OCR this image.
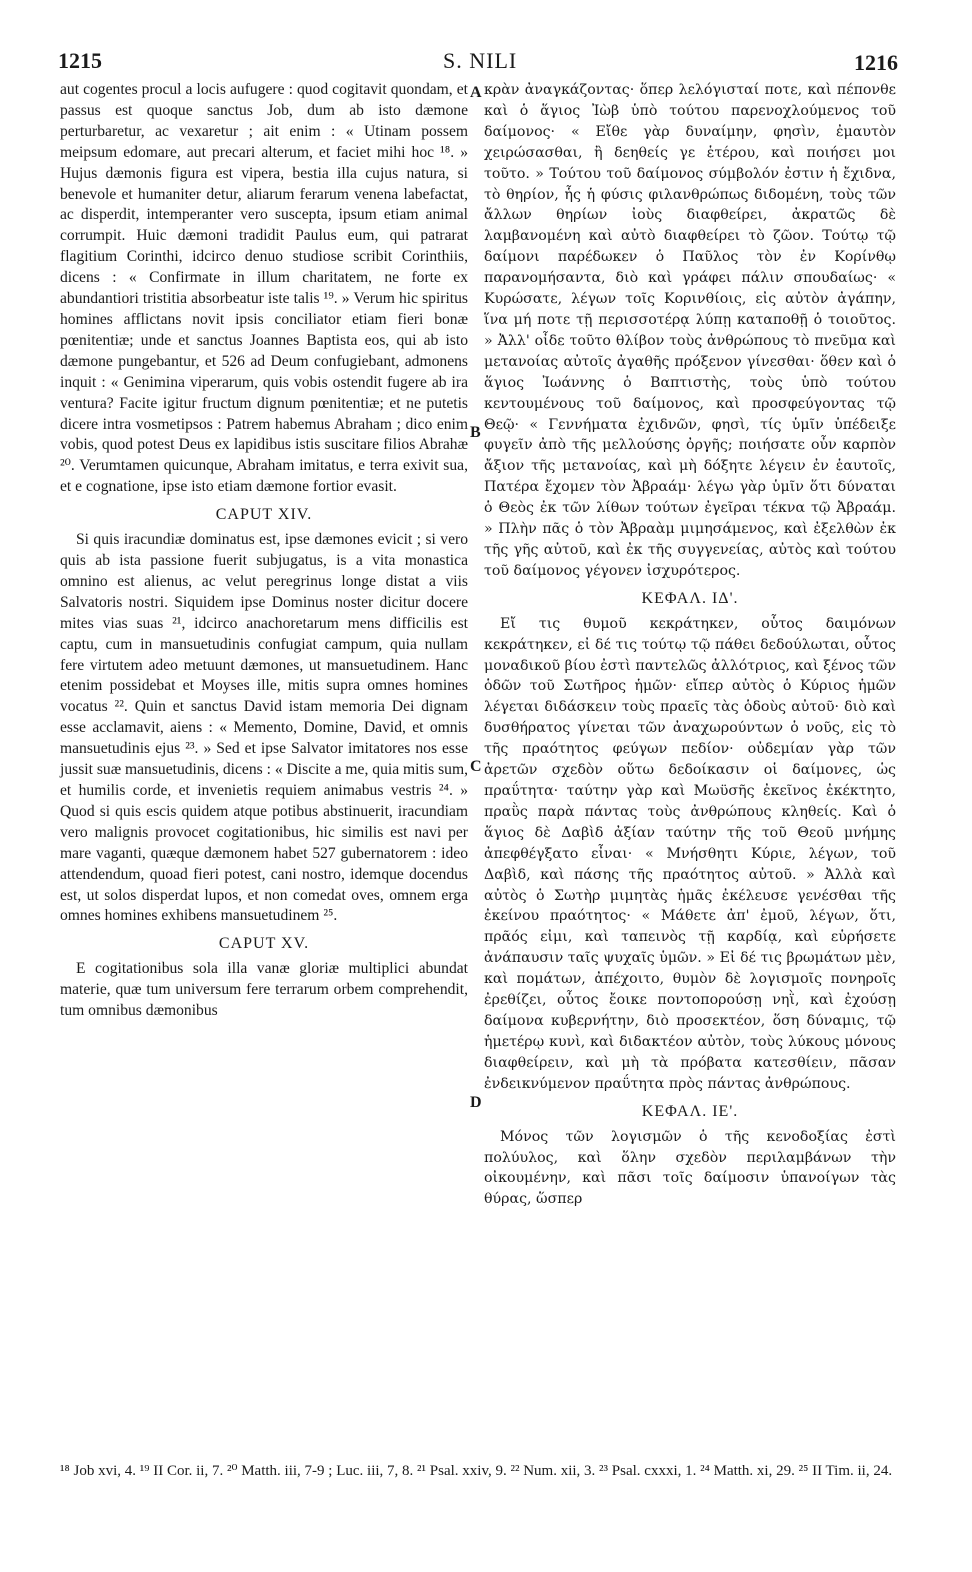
1215	S. NILI	1216

aut cogentes procul a locis aufugere : quod cogitavit quondam, et passus est quoque sanctus Job, dum ab isto dæmone perturbaretur, ac vexaretur ; ait enim : « Utinam possem meipsum edomare, aut precari alterum, et faciet mihi hoc ¹⁸. » Hujus dæmonis figura est vipera, bestia illa cujus natura, si benevole et humaniter detur, aliarum ferarum venena labefactat, ac disperdit, intemperanter vero suscepta, ipsum etiam animal corrumpit. Huic dæmoni tradidit Paulus eum, qui patrarat flagitium Corinthi, idcirco denuo studiose scribit Corinthiis, dicens : « Confirmate in illum charitatem, ne forte ex abundantiori tristitia absorbeatur iste talis ¹⁹. » Verum hic spiritus homines afflictans novit ipsis conciliator etiam fieri bonæ pœnitentiæ; unde et sanctus Joannes Baptista eos, qui ab isto dæmone pungebantur, et 526 ad Deum confugiebant, admonens inquit : « Genimina viperarum, quis vobis ostendit fugere ab ira ventura? Facite igitur fructum dignum pœnitentiæ; et ne putetis dicere intra vosmetipsos : Patrem habemus Abraham ; dico enim vobis, quod potest Deus ex lapidibus istis suscitare filios Abrahæ ²⁰. Verumtamen quicunque, Abraham imitatus, e terra exivit sua, et e cognatione, ipse isto etiam dæmone fortior evasit.

CAPUT XIV.

Si quis iracundiæ dominatus est, ipse dæmones evicit ; si vero quis ab ista passione fuerit subjugatus, is a vita monastica omnino est alienus, ac velut peregrinus longe distat a viis Salvatoris nostri. Siquidem ipse Dominus noster dicitur docere mites vias suas ²¹, idcirco anachoretarum mens difficilis est captu, cum in mansuetudinis confugiat campum, quia nullam fere virtutem adeo metuunt dæmones, ut mansuetudinem. Hanc etenim possidebat et Moyses ille, mitis supra omnes homines vocatus ²². Quin et sanctus David istam memoria Dei dignam esse acclamavit, aiens : « Memento, Domine, David, et omnis mansuetudinis ejus ²³. » Sed et ipse Salvator imitatores nos esse jussit suæ mansuetudinis, dicens : « Discite a me, quia mitis sum, et humilis corde, et invenietis requiem animabus vestris ²⁴. » Quod si quis escis quidem atque potibus abstinuerit, iracundiam vero malignis provocet cogitationibus, hic similis est navi per mare vaganti, quæque dæmonem habet 527 gubernatorem : ideo attendendum, quoad fieri potest, cani nostro, idemque docendus est, ut solos disperdat lupos, et non comedat oves, omnem erga omnes homines exhibens mansuetudinem ²⁵.

CAPUT XV.

E cogitationibus sola illa vanæ gloriæ multiplici abundat materie, quæ tum universum fere terrarum orbem comprehendit, tum omnibus dæmonibus

A
B
C
D

κρὰν ἀναγκάζοντας· ὅπερ λελόγισταί ποτε, καὶ πέπονθε καὶ ὁ ἅγιος Ἰὼβ ὑπὸ τούτου παρενοχλούμενος τοῦ δαίμονος· « Εἴθε γὰρ δυναίμην, φησὶν, ἐμαυτὸν χειρώσασθαι, ἢ δεηθείς γε ἑτέρου, καὶ ποιήσει μοι τοῦτο. » Τούτου τοῦ δαίμονος σύμβολόν ἐστιν ἡ ἔχιδνα, τὸ θηρίον, ἧς ἡ φύσις φιλανθρώπως διδομένη, τοὺς τῶν ἄλλων θηρίων ἰοὺς διαφθείρει, ἀκρατῶς δὲ λαμβανομένη καὶ αὐτὸ διαφθείρει τὸ ζῶον. Τούτῳ τῷ δαίμονι παρέδωκεν ὁ Παῦλος τὸν ἐν Κορίνθῳ παρανομήσαντα, διὸ καὶ γράφει πάλιν σπουδαίως· « Κυρώσατε, λέγων τοῖς Κορινθίοις, εἰς αὐτὸν ἀγάπην, ἵνα μή ποτε τῇ περισσοτέρᾳ λύπῃ καταποθῇ ὁ τοιοῦτος. » Ἀλλ' οἶδε τοῦτο θλίβον τοὺς ἀνθρώπους τὸ πνεῦμα καὶ μετανοίας αὐτοῖς ἀγαθῆς πρόξενον γίνεσθαι· ὅθεν καὶ ὁ ἅγιος Ἰωάννης ὁ Βαπτιστὴς, τοὺς ὑπὸ τούτου κεντουμένους τοῦ δαίμονος, καὶ προσφεύγοντας τῷ Θεῷ· « Γεννήματα ἐχιδνῶν, φησὶ, τίς ὑμῖν ὑπέδειξε φυγεῖν ἀπὸ τῆς μελλούσης ὀργῆς; ποιήσατε οὖν καρπὸν ἄξιον τῆς μετανοίας, καὶ μὴ δόξητε λέγειν ἐν ἑαυτοῖς, Πατέρα ἔχομεν τὸν Ἀβραάμ· λέγω γὰρ ὑμῖν ὅτι δύναται ὁ Θεὸς ἐκ τῶν λίθων τούτων ἐγεῖραι τέκνα τῷ Ἀβραάμ. » Πλὴν πᾶς ὁ τὸν Ἀβραὰμ μιμησάμενος, καὶ ἐξελθὼν ἐκ τῆς γῆς αὐτοῦ, καὶ ἐκ τῆς συγγενείας, αὐτὸς καὶ τούτου τοῦ δαίμονος γέγονεν ἰσχυρότερος.

ΚΕΦΑΛ. ΙΔ'.

Εἴ τις θυμοῦ κεκράτηκεν, οὗτος δαιμόνων κεκράτηκεν, εἰ δέ τις τούτῳ τῷ πάθει δεδούλωται, οὗτος μοναδικοῦ βίου ἐστὶ παντελῶς ἀλλότριος, καὶ ξένος τῶν ὁδῶν τοῦ Σωτῆρος ἡμῶν· εἴπερ αὐτὸς ὁ Κύριος ἡμῶν λέγεται διδάσκειν τοὺς πραεῖς τὰς ὁδοὺς αὐτοῦ· διὸ καὶ δυσθήρατος γίνεται τῶν ἀναχωρούντων ὁ νοῦς, εἰς τὸ τῆς πραότητος φεύγων πεδίον· οὐδεμίαν γὰρ τῶν ἀρετῶν σχεδὸν οὕτω δεδοίκασιν οἱ δαίμονες, ὡς πραΰτητα· ταύτην γὰρ καὶ Μωϋσῆς ἐκεῖνος ἐκέκτητο, πραῢς παρὰ πάντας τοὺς ἀνθρώπους κληθείς. Καὶ ὁ ἅγιος δὲ Δαβὶδ ἀξίαν ταύτην τῆς τοῦ Θεοῦ μνήμης ἀπεφθέγξατο εἶναι· « Μνήσθητι Κύριε, λέγων, τοῦ Δαβὶδ, καὶ πάσης τῆς πραότητος αὐτοῦ. » Ἀλλὰ καὶ αὐτὸς ὁ Σωτὴρ μιμητὰς ἡμᾶς ἐκέλευσε γενέσθαι τῆς ἐκείνου πραότητος· « Μάθετε ἀπ' ἐμοῦ, λέγων, ὅτι, πρᾶός εἰμι, καὶ ταπεινὸς τῇ καρδίᾳ, καὶ εὑρήσετε ἀνάπαυσιν ταῖς ψυχαῖς ὑμῶν. » Εἰ δέ τις βρωμάτων μὲν, καὶ πομάτων, ἀπέχοιτο, θυμὸν δὲ λογισμοῖς πονηροῖς ἐρεθίζει, οὗτος ἔοικε ποντοπορούσῃ νηῒ, καὶ ἐχούσῃ δαίμονα κυβερνήτην, διὸ προσεκτέον, ὅση δύναμις, τῷ ἡμετέρῳ κυνὶ, καὶ διδακτέον αὐτὸν, τοὺς λύκους μόνους διαφθείρειν, καὶ μὴ τὰ πρόβατα κατεσθίειν, πᾶσαν ἐνδεικνύμενον πραΰτητα πρὸς πάντας ἀνθρώπους.

ΚΕΦΑΛ. ΙΕ'.

Μόνος τῶν λογισμῶν ὁ τῆς κενοδοξίας ἐστὶ πολύυλος, καὶ ὅλην σχεδὸν περιλαμβάνων τὴν οἰκουμένην, καὶ πᾶσι τοῖς δαίμοσιν ὑπανοίγων τὰς θύρας, ὥσπερ

¹⁸ Job xvi, 4. ¹⁹ II Cor. ii, 7. ²⁰ Matth. iii, 7-9 ; Luc. iii, 7, 8. ²¹ Psal. xxiv, 9. ²² Num. xii, 3. ²³ Psal. cxxxi, 1. ²⁴ Matth. xi, 29. ²⁵ II Tim. ii, 24.
